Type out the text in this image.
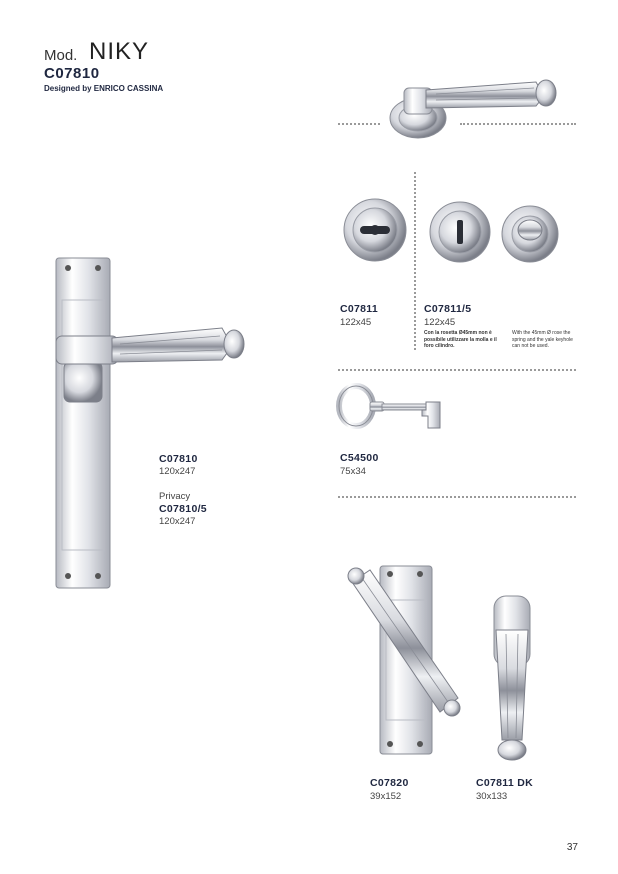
Mod. NIKY
C07810
Designed by ENRICO CASSINA
C07811
122x45
C07811/5
122x45
Con la rosetta Ø45mm non è possibile utilizzare la molla e il foro cilindro.
With the 45mm Ø rose the spring and the yale keyhole can not be used.
C54500
75x34
C07810
120x247
Privacy
C07810/5
120x247
C07820
39x152
C07811 DK
30x133
37
